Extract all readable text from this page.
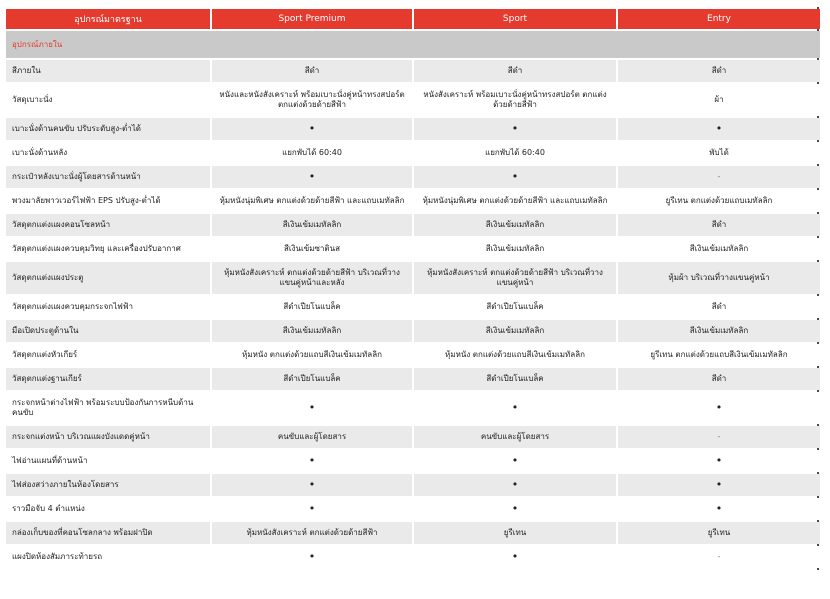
อุปกรณ์มาตรฐาน	Sport Premium	Sport	Entry
อุปกรณ์ภายใน			
สีภายใน	สีดำ	สีดำ	สีดำ
วัสดุเบาะนั่ง	หนังและหนังสังเคราะห์ พร้อมเบาะนั่งคู่หน้าทรงสปอร์ต ตกแต่งด้วยด้ายสีฟ้า	หนังสังเคราะห์ พร้อมเบาะนั่งคู่หน้าทรงสปอร์ต ตกแต่งด้วยด้ายสีฟ้า	ผ้า
เบาะนั่งด้านคนขับ ปรับระดับสูง-ต่ำได้	•	•	•
เบาะนั่งด้านหลัง	แยกพับได้ 60:40	แยกพับได้ 60:40	พับได้
กระเป๋าหลังเบาะนั่งผู้โดยสารด้านหน้า	•	•	-
พวงมาลัยพาวเวอร์ไฟฟ้า EPS ปรับสูง-ต่ำได้	หุ้มหนังนุ่มพิเศษ ตกแต่งด้วยด้ายสีฟ้า และแถบเมทัลลิก	หุ้มหนังนุ่มพิเศษ ตกแต่งด้วยด้ายสีฟ้า และแถบเมทัลลิก	ยูรีเทน ตกแต่งด้วยแถบเมทัลลิก
วัสดุตกแต่งแผงคอนโซลหน้า	สีเงินเข้มเมทัลลิก	สีเงินเข้มเมทัลลิก	สีดำ
วัสดุตกแต่งแผงควบคุมวิทยุ และเครื่องปรับอากาศ	สีเงินเข้มซาตินส	สีเงินเข้มเมทัลลิก	สีเงินเข้มเมทัลลิก
วัสดุตกแต่งแผงประตู	หุ้มหนังสังเคราะห์ ตกแต่งด้วยด้ายสีฟ้า บริเวณที่วางแขนคู่หน้าและหลัง	หุ้มหนังสังเคราะห์ ตกแต่งด้วยด้ายสีฟ้า บริเวณที่วางแขนคู่หน้า	หุ้มผ้า บริเวณที่วางแขนคู่หน้า
วัสดุตกแต่งแผงควบคุมกระจกไฟฟ้า	สีดำเปียโนแบล็ค	สีดำเปียโนแบล็ค	สีดำ
มือเปิดประตูด้านใน	สีเงินเข้มเมทัลลิก	สีเงินเข้มเมทัลลิก	สีเงินเข้มเมทัลลิก
วัสดุตกแต่งหัวเกียร์	หุ้มหนัง ตกแต่งด้วยแถบสีเงินเข้มเมทัลลิก	หุ้มหนัง ตกแต่งด้วยแถบสีเงินเข้มเมทัลลิก	ยูรีเทน ตกแต่งด้วยแถบสีเงินเข้มเมทัลลิก
วัสดุตกแต่งฐานเกียร์	สีดำเปียโนแบล็ค	สีดำเปียโนแบล็ค	สีดำ
กระจกหน้าต่างไฟฟ้า พร้อมระบบป้องกันการหนีบด้านคนขับ	•	•	•
กระจกแต่งหน้า บริเวณแผงบังแดดคู่หน้า	คนขับและผู้โดยสาร	คนขับและผู้โดยสาร	-
ไฟอ่านแผนที่ด้านหน้า	•	•	•
ไฟส่องสว่างภายในห้องโดยสาร	•	•	•
ราวมือจับ 4 ตำแหน่ง	•	•	•
กล่องเก็บของที่คอนโซลกลาง พร้อมฝาปิด	หุ้มหนังสังเคราะห์ ตกแต่งด้วยด้ายสีฟ้า	ยูรีเทน	ยูรีเทน
แผงปิดห้องสัมภาระท้ายรถ	•	•	-
